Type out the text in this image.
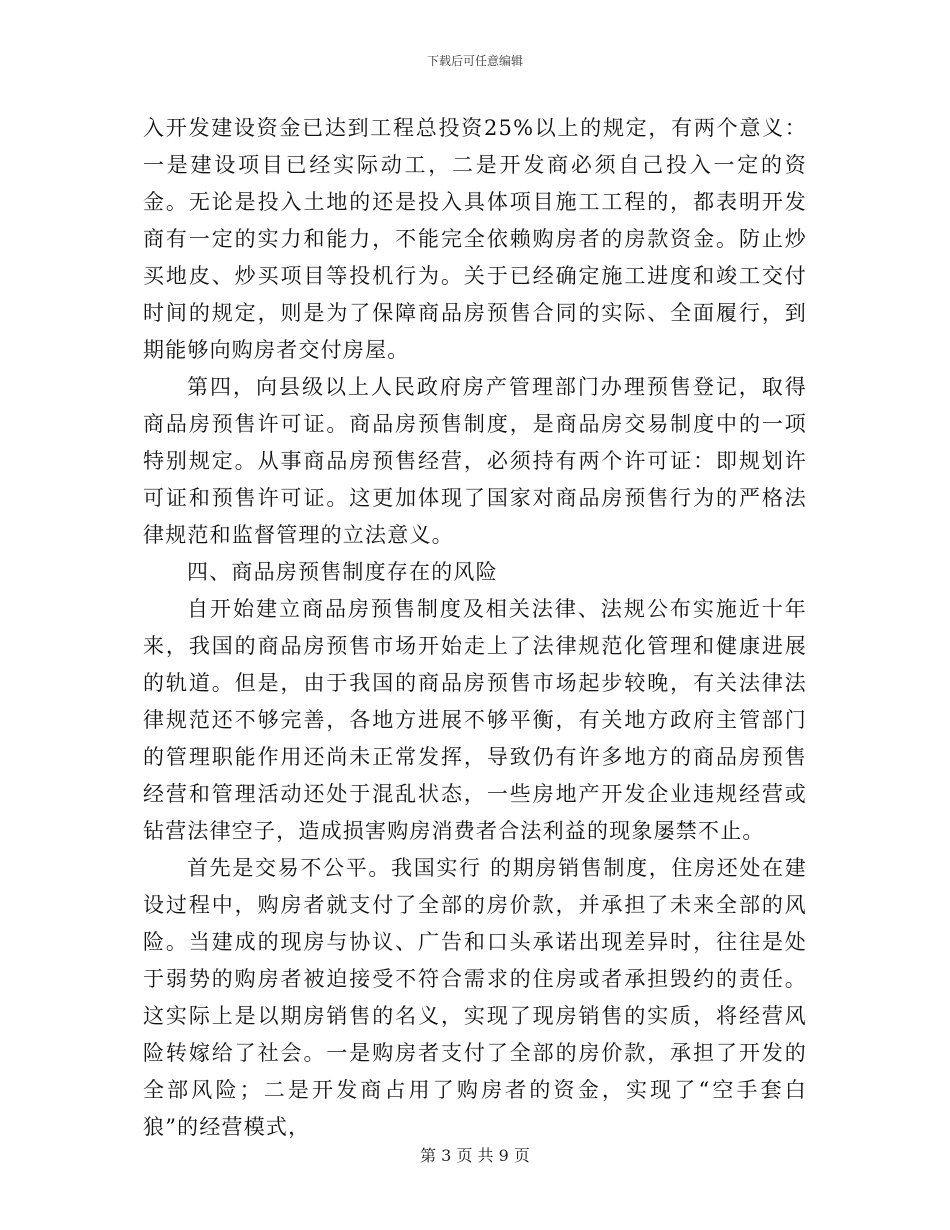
下载后可任意编辑

入开发建设资金已达到工程总投资25%以上的规定，有两个意义：一是建设项目已经实际动工，二是开发商必须自己投入一定的资金。无论是投入土地的还是投入具体项目施工工程的，都表明开发商有一定的实力和能力，不能完全依赖购房者的房款资金。防止炒买地皮、炒买项目等投机行为。关于已经确定施工进度和竣工交付时间的规定，则是为了保障商品房预售合同的实际、全面履行，到期能够向购房者交付房屋。

第四，向县级以上人民政府房产管理部门办理预售登记，取得商品房预售许可证。商品房预售制度，是商品房交易制度中的一项特别规定。从事商品房预售经营，必须持有两个许可证：即规划许可证和预售许可证。这更加体现了国家对商品房预售行为的严格法律规范和监督管理的立法意义。

四、商品房预售制度存在的风险

自开始建立商品房预售制度及相关法律、法规公布实施近十年来，我国的商品房预售市场开始走上了法律规范化管理和健康进展的轨道。但是，由于我国的商品房预售市场起步较晚，有关法律法律规范还不够完善，各地方进展不够平衡，有关地方政府主管部门的管理职能作用还尚未正常发挥，导致仍有许多地方的商品房预售经营和管理活动还处于混乱状态，一些房地产开发企业违规经营或钻营法律空子，造成损害购房消费者合法利益的现象屡禁不止。

首先是交易不公平。我国实行 的期房销售制度，住房还处在建设过程中，购房者就支付了全部的房价款，并承担了未来全部的风险。当建成的现房与协议、广告和口头承诺出现差异时，往往是处于弱势的购房者被迫接受不符合需求的住房或者承担毁约的责任。这实际上是以期房销售的名义，实现了现房销售的实质，将经营风险转嫁给了社会。一是购房者支付了全部的房价款，承担了开发的全部风险；二是开发商占用了购房者的资金，实现了“空手套白狼”的经营模式，

第 3 页 共 9 页
